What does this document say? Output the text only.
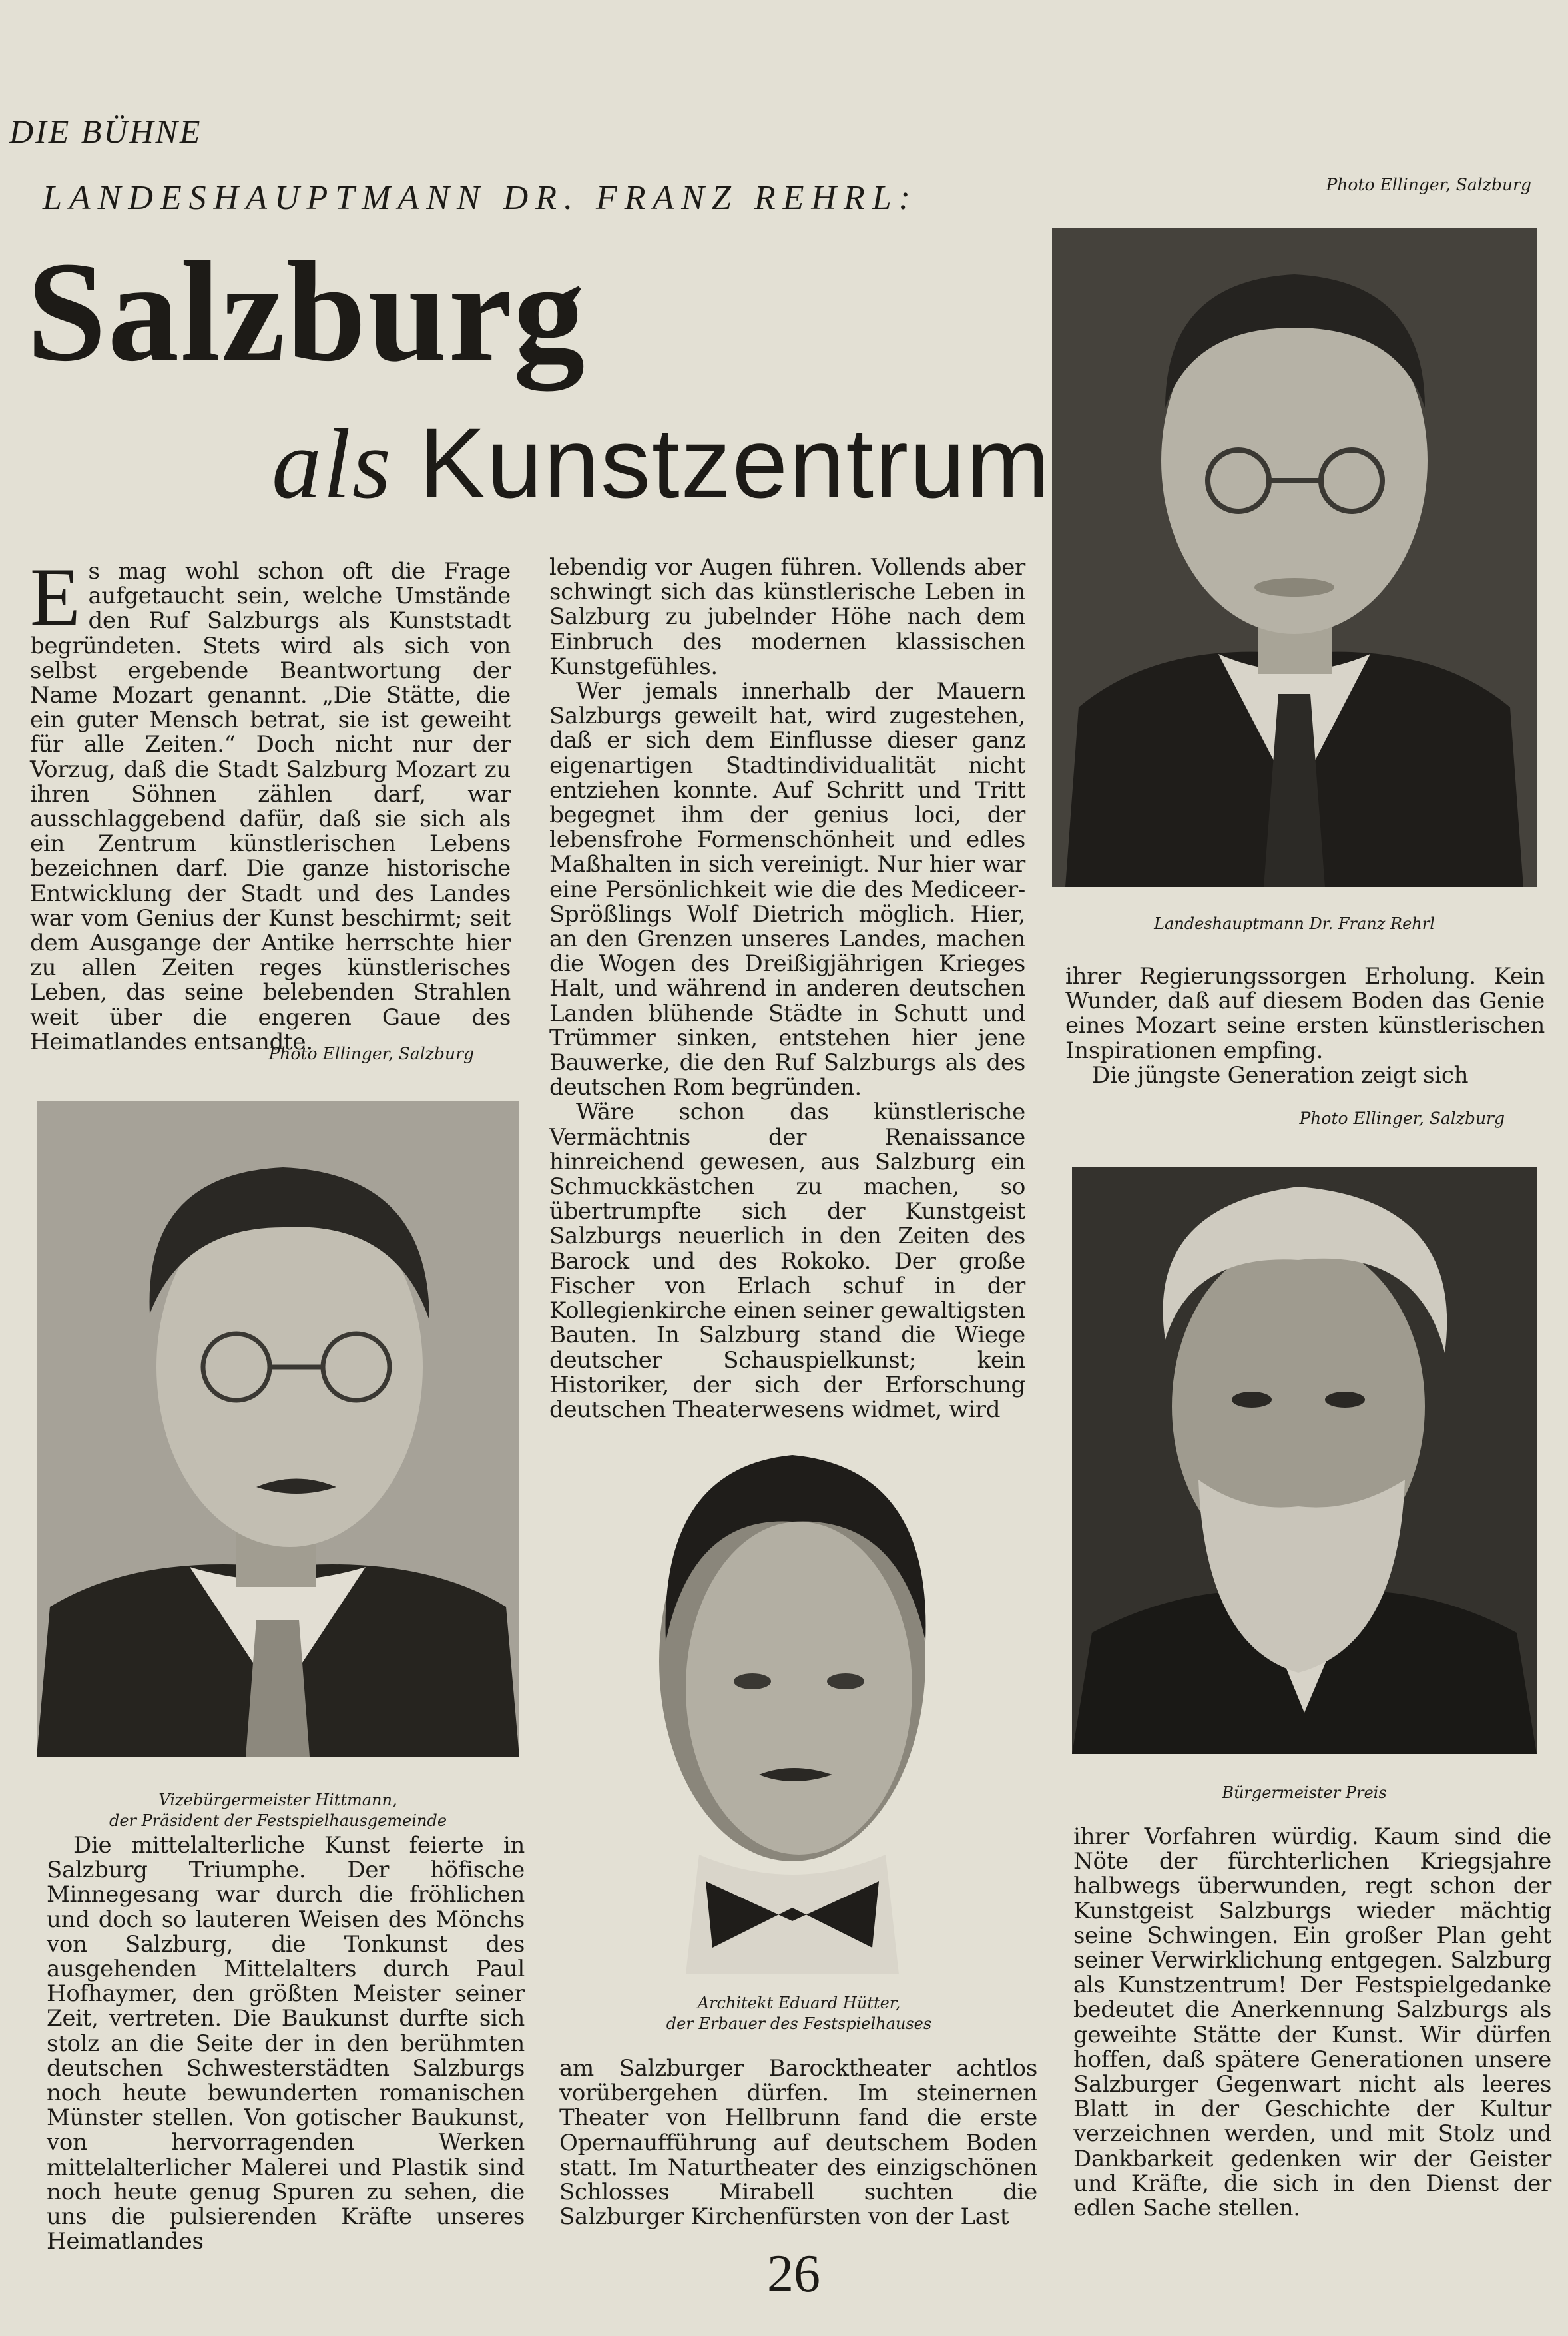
DIE BÜHNE
LANDESHAUPTMANN DR. FRANZ REHRL:
Salzburg
als Kunstzentrum
Photo Ellinger, Salzburg
Landeshauptmann Dr. Franz Rehrl

Es mag wohl schon oft die Frage aufgetaucht sein, welche Umstände den Ruf Salzburgs als Kunststadt begründeten. Stets wird als sich von selbst ergebende Beantwortung der Name Mozart genannt. „Die Stätte, die ein guter Mensch betrat, sie ist geweiht für alle Zeiten.“ Doch nicht nur der Vorzug, daß die Stadt Salzburg Mozart zu ihren Söhnen zählen darf, war ausschlaggebend dafür, daß sie sich als ein Zentrum künstlerischen Lebens bezeichnen darf. Die ganze historische Entwicklung der Stadt und des Landes war vom Genius der Kunst beschirmt; seit dem Ausgange der Antike herrschte hier zu allen Zeiten reges künstlerisches Leben, das seine belebenden Strahlen weit über die engeren Gaue des Heimatlandes entsandte.

Photo Ellinger, Salzburg
Vizebürgermeister Hittmann,
der Präsident der Festspielhausgemeinde

lebendig vor Augen führen. Vollends aber schwingt sich das künstlerische Leben in Salzburg zu jubelnder Höhe nach dem Einbruch des modernen klassischen Kunstgefühles.

Wer jemals innerhalb der Mauern Salzburgs geweilt hat, wird zugestehen, daß er sich dem Einflusse dieser ganz eigenartigen Stadtindividualität nicht entziehen konnte. Auf Schritt und Tritt begegnet ihm der genius loci, der lebensfrohe Formenschönheit und edles Maßhalten in sich vereinigt. Nur hier war eine Persönlichkeit wie die des Mediceer-Sprößlings Wolf Dietrich möglich. Hier, an den Grenzen unseres Landes, machen die Wogen des Dreißigjährigen Krieges Halt, und während in anderen deutschen Landen blühende Städte in Schutt und Trümmer sinken, entstehen hier jene Bauwerke, die den Ruf Salzburgs als des deutschen Rom begründen.

Wäre schon das künstlerische Vermächtnis der Renaissance hinreichend gewesen, aus Salzburg ein Schmuckkästchen zu machen, so übertrumpfte sich der Kunstgeist Salzburgs neuerlich in den Zeiten des Barock und des Rokoko. Der große Fischer von Erlach schuf in der Kollegienkirche einen seiner gewaltigsten Bauten. In Salzburg stand die Wiege deutscher Schauspielkunst; kein Historiker, der sich der Erforschung deutschen Theaterwesens widmet, wird

Architekt Eduard Hütter,
der Erbauer des Festspielhauses

ihrer Regierungssorgen Erholung. Kein Wunder, daß auf diesem Boden das Genie eines Mozart seine ersten künstlerischen Inspirationen empfing.

Die jüngste Generation zeigt sich

Photo Ellinger, Salzburg
Bürgermeister Preis

Die mittelalterliche Kunst feierte in Salzburg Triumphe. Der höfische Minnegesang war durch die fröhlichen und doch so lauteren Weisen des Mönchs von Salzburg, die Tonkunst des ausgehenden Mittelalters durch Paul Hofhaymer, den größten Meister seiner Zeit, vertreten. Die Baukunst durfte sich stolz an die Seite der in den berühmten deutschen Schwesterstädten Salzburgs noch heute bewunderten romanischen Münster stellen. Von gotischer Baukunst, von hervorragenden Werken mittelalterlicher Malerei und Plastik sind noch heute genug Spuren zu sehen, die uns die pulsierenden Kräfte unseres Heimatlandes

am Salzburger Barocktheater achtlos vorübergehen dürfen. Im steinernen Theater von Hellbrunn fand die erste Opernaufführung auf deutschem Boden statt. Im Naturtheater des einzigschönen Schlosses Mirabell suchten die Salzburger Kirchenfürsten von der Last

ihrer Vorfahren würdig. Kaum sind die Nöte der fürchterlichen Kriegsjahre halbwegs überwunden, regt schon der Kunstgeist Salzburgs wieder mächtig seine Schwingen. Ein großer Plan geht seiner Verwirklichung entgegen. Salzburg als Kunstzentrum! Der Festspielgedanke bedeutet die Anerkennung Salzburgs als geweihte Stätte der Kunst. Wir dürfen hoffen, daß spätere Generationen unsere Salzburger Gegenwart nicht als leeres Blatt in der Geschichte der Kultur verzeichnen werden, und mit Stolz und Dankbarkeit gedenken wir der Geister und Kräfte, die sich in den Dienst der edlen Sache stellen.

26
